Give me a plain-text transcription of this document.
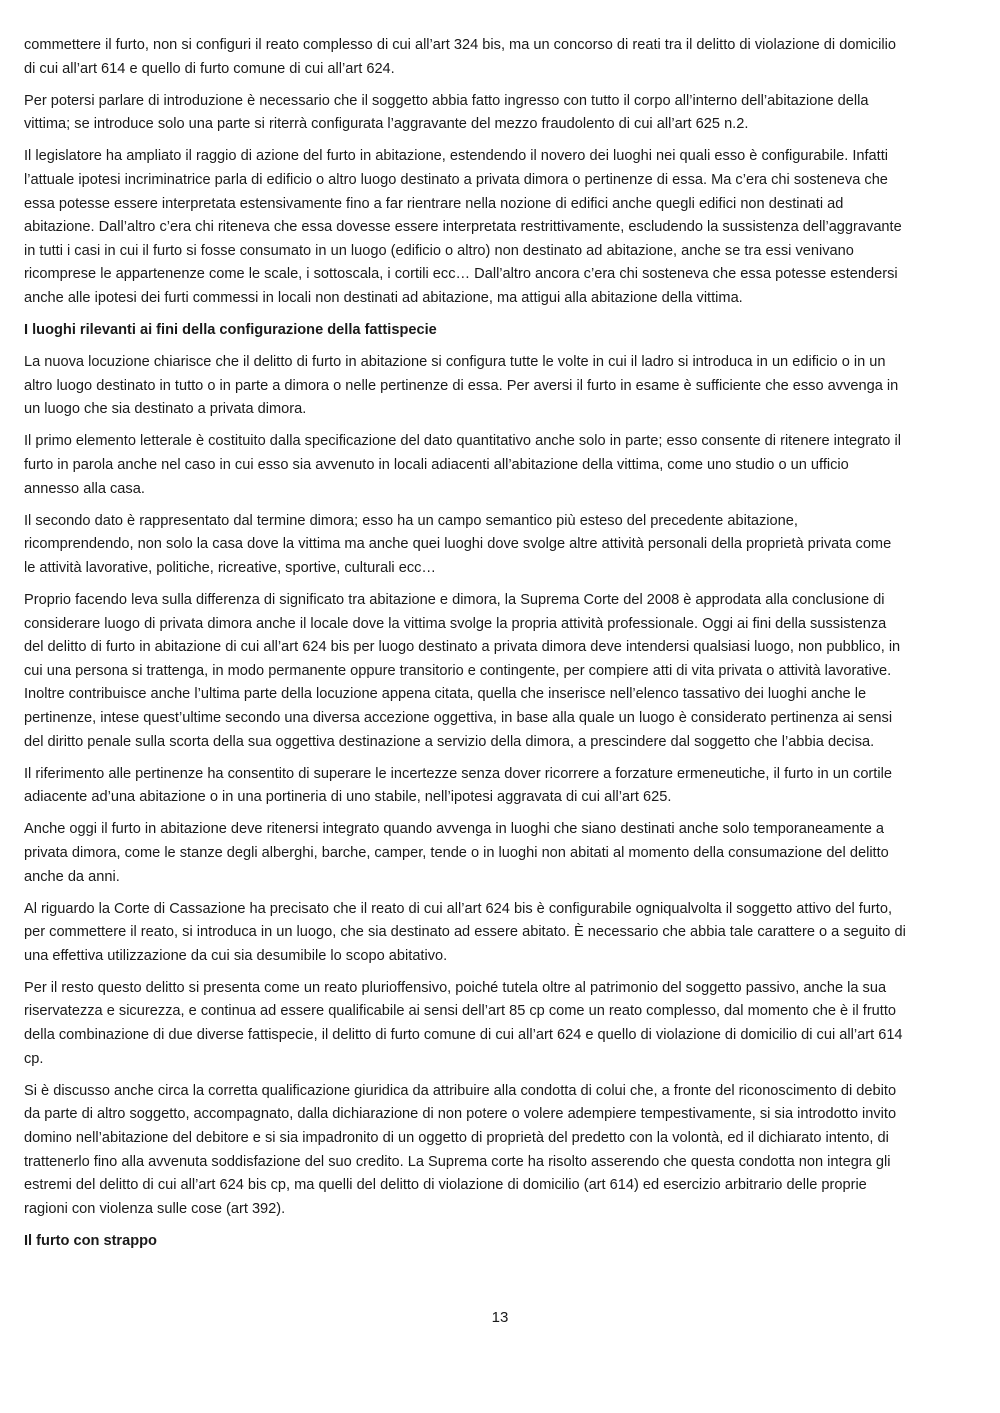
commettere il furto, non si configuri il reato complesso di cui all’art 324 bis, ma un concorso di reati tra il delitto di violazione di domicilio di cui all’art 614 e quello di furto comune di cui all’art 624.

Per potersi parlare di introduzione è necessario che il soggetto abbia fatto ingresso con tutto il corpo all’interno dell’abitazione della vittima; se introduce solo una parte si riterrà configurata l’aggravante del mezzo fraudolento di cui all’art 625 n.2.

Il legislatore ha ampliato il raggio di azione del furto in abitazione, estendendo il novero dei luoghi nei quali esso è configurabile. Infatti l’attuale ipotesi incriminatrice parla di edificio o altro luogo destinato a privata dimora o pertinenze di essa. Ma c’era chi sosteneva che essa potesse essere interpretata estensivamente fino a far rientrare nella nozione di edifici anche quegli edifici non destinati ad abitazione. Dall’altro c’era chi riteneva che essa dovesse essere interpretata restrittivamente, escludendo la sussistenza dell’aggravante in tutti i casi in cui il furto si fosse consumato in un luogo (edificio o altro) non destinato ad abitazione, anche se tra essi venivano ricomprese le appartenenze come le scale, i sottoscala, i cortili ecc… Dall’altro ancora c’era chi sosteneva che essa potesse estendersi anche alle ipotesi dei furti commessi in locali non destinati ad abitazione, ma attigui alla abitazione della vittima.

I luoghi rilevanti ai fini della configurazione della fattispecie

La nuova locuzione chiarisce che il delitto di furto in abitazione si configura tutte le volte in cui il ladro si introduca in un edificio o in un altro luogo destinato in tutto o in parte a dimora o nelle pertinenze di essa. Per aversi il furto in esame è sufficiente che esso avvenga in un luogo che sia destinato a privata dimora.

Il primo elemento letterale è costituito dalla specificazione del dato quantitativo anche solo in parte; esso consente di ritenere integrato il furto in parola anche nel caso in cui esso sia avvenuto in locali adiacenti all’abitazione della vittima, come uno studio o un ufficio annesso alla casa.

Il secondo dato è rappresentato dal termine dimora; esso ha un campo semantico più esteso del precedente abitazione, ricomprendendo, non solo la casa dove la vittima ma anche quei luoghi dove svolge altre attività personali della proprietà privata come le attività lavorative, politiche, ricreative, sportive, culturali ecc…

Proprio facendo leva sulla differenza di significato tra abitazione e dimora, la Suprema Corte del 2008 è approdata alla conclusione di considerare luogo di privata dimora anche il locale dove la vittima svolge la propria attività professionale. Oggi ai fini della sussistenza del delitto di furto in abitazione di cui all’art 624 bis per luogo destinato a privata dimora deve intendersi qualsiasi luogo, non pubblico, in cui una persona si trattenga, in modo permanente oppure transitorio e contingente, per compiere atti di vita privata o attività lavorative. Inoltre contribuisce anche l’ultima parte della locuzione appena citata, quella che inserisce nell’elenco tassativo dei luoghi anche le pertinenze, intese quest’ultime secondo una diversa accezione oggettiva, in base alla quale un luogo è considerato pertinenza ai sensi del diritto penale sulla scorta della sua oggettiva destinazione a servizio della dimora, a prescindere dal soggetto che l’abbia decisa.

Il riferimento alle pertinenze ha consentito di superare le incertezze senza dover ricorrere a forzature ermeneutiche, il furto in un cortile adiacente ad’una abitazione o in una portineria di uno stabile, nell’ipotesi aggravata di cui all’art 625.

Anche oggi il furto in abitazione deve ritenersi integrato quando avvenga in luoghi che siano destinati anche solo temporaneamente a privata dimora, come le stanze degli alberghi, barche, camper, tende o in luoghi non abitati al momento della consumazione del delitto anche da anni.

Al riguardo la Corte di Cassazione ha precisato che il reato di cui all’art 624 bis è configurabile ogniqualvolta il soggetto attivo del furto, per commettere il reato, si introduca in un luogo, che sia destinato ad essere abitato. È necessario che abbia tale carattere o a seguito di una effettiva utilizzazione da cui sia desumibile lo scopo abitativo.

Per il resto questo delitto si presenta come un reato plurioffensivo, poiché tutela oltre al patrimonio del soggetto passivo, anche la sua riservatezza e sicurezza, e continua ad essere qualificabile ai sensi dell’art 85 cp come un reato complesso, dal momento che è il frutto della combinazione di due diverse fattispecie, il delitto di furto comune di cui all’art 624 e quello di violazione di domicilio di cui all’art 614 cp.

Si è discusso anche circa la corretta qualificazione giuridica da attribuire alla condotta di colui che, a fronte del riconoscimento di debito da parte di altro soggetto, accompagnato, dalla dichiarazione di non potere o volere adempiere tempestivamente, si sia introdotto invito domino nell’abitazione del debitore e si sia impadronito di un oggetto di proprietà del predetto con la volontà, ed il dichiarato intento, di trattenerlo fino alla avvenuta soddisfazione del suo credito. La Suprema corte ha risolto asserendo che questa condotta non integra gli estremi del delitto di cui all’art 624 bis cp, ma quelli del delitto di violazione di domicilio (art 614) ed esercizio arbitrario delle proprie ragioni con violenza sulle cose (art 392).

Il furto con strappo
13
